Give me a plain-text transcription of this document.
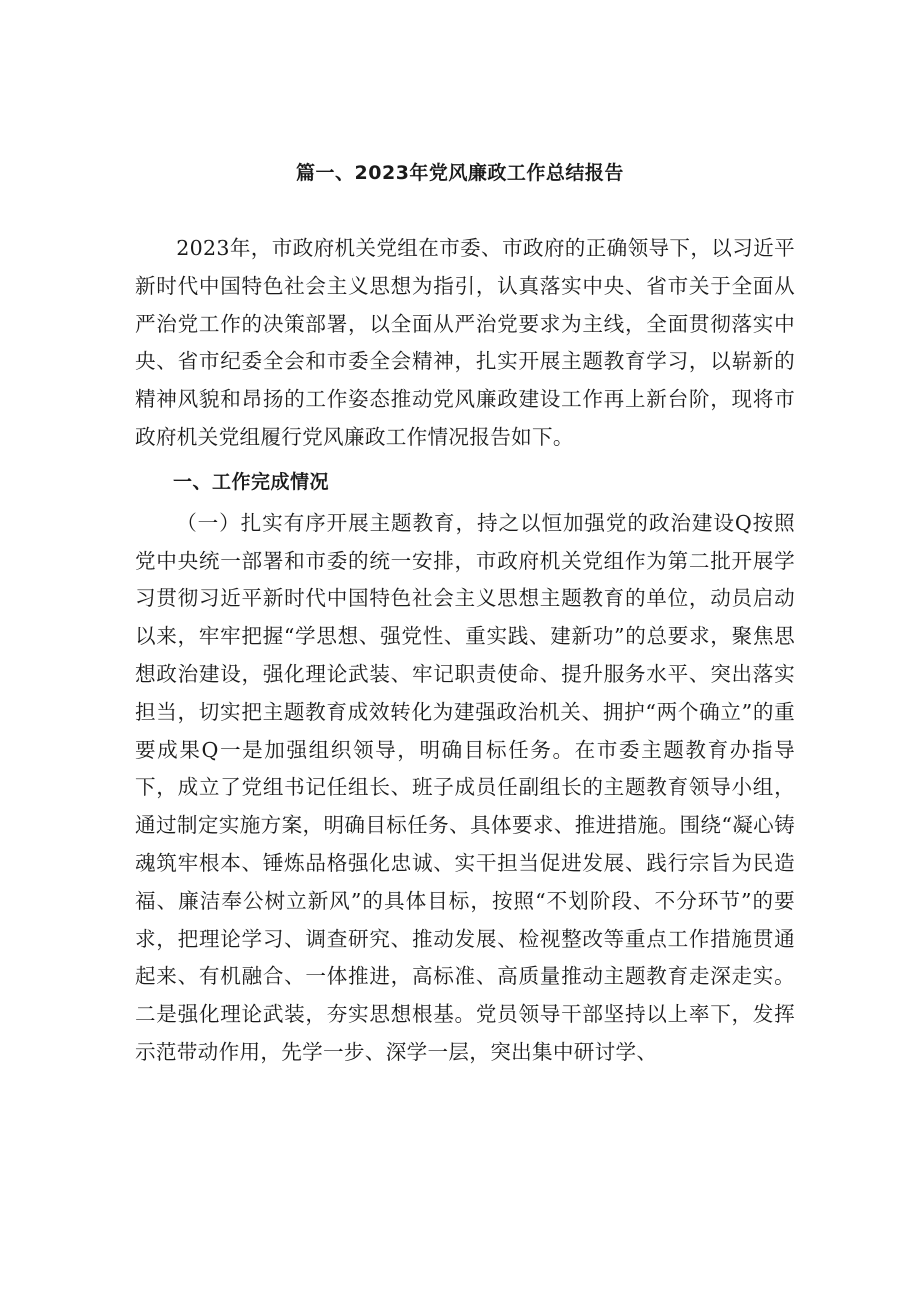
篇一、2023年党风廉政工作总结报告

2023年，市政府机关党组在市委、市政府的正确领导下，以习近平新时代中国特色社会主义思想为指引，认真落实中央、省市关于全面从严治党工作的决策部署，以全面从严治党要求为主线，全面贯彻落实中央、省市纪委全会和市委全会精神，扎实开展主题教育学习，以崭新的精神风貌和昂扬的工作姿态推动党风廉政建设工作再上新台阶，现将市政府机关党组履行党风廉政工作情况报告如下。

一、工作完成情况

（一）扎实有序开展主题教育，持之以恒加强党的政治建设Q按照党中央统一部署和市委的统一安排，市政府机关党组作为第二批开展学习贯彻习近平新时代中国特色社会主义思想主题教育的单位，动员启动以来，牢牢把握“学思想、强党性、重实践、建新功”的总要求，聚焦思想政治建设，强化理论武装、牢记职责使命、提升服务水平、突出落实担当，切实把主题教育成效转化为建强政治机关、拥护“两个确立”的重要成果Q一是加强组织领导，明确目标任务。在市委主题教育办指导下，成立了党组书记任组长、班子成员任副组长的主题教育领导小组，通过制定实施方案，明确目标任务、具体要求、推进措施。围绕“凝心铸魂筑牢根本、锤炼品格强化忠诚、实干担当促进发展、践行宗旨为民造福、廉洁奉公树立新风”的具体目标，按照“不划阶段、不分环节”的要求，把理论学习、调查研究、推动发展、检视整改等重点工作措施贯通起来、有机融合、一体推进，高标准、高质量推动主题教育走深走实。二是强化理论武装，夯实思想根基。党员领导干部坚持以上率下，发挥示范带动作用，先学一步、深学一层，突出集中研讨学、
